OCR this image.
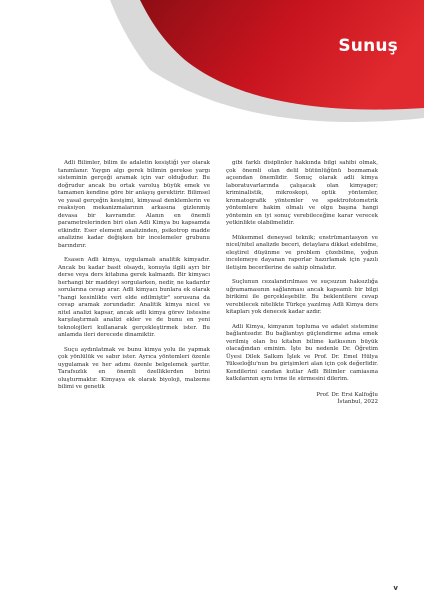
Sunuş

Adli Bilimler, bilim ile adaletin kesiştiği yer olarak tanımlanır. Yaygın algı gerek bilimin gerekse yargı sisteminin gerçeği aramak için var olduğudur. Bu doğrudur ancak bu ortak varoluş büyük emek ve tamamen kendine göre bir anlayış gerektirir. Bilimsel ve yasal gerçeğin kesişimi, kimyasal denklemlerin ve reaksiyon mekanizmalarının arkasına gizlenmiş devasa bir kavramdır. Alanın en önemli parametrelerinden biri olan Adli Kimya bu kapsamda etkindir. Eser element analizinden, psikotrop madde analizine kadar değişken bir incelemeler grubunu barındırır.

Esasen Adli kimya, uygulamalı analitik kimyadır. Ancak bu kadar basit olsaydı, konuyla ilgili ayrı bir derse veya ders kitabına gerek kalmazdı. Bir kimyacı herhangi bir maddeyi sorgularken, nedir, ne kadardır sorularına cevap arar. Adli kimyacı bunlara ek olarak "hangi kesinlikte veri elde edilmiştir" sorusuna da cevap aramak zorundadır. Analitik kimya nicel ve nitel analizi kapsar, ancak adli kimya görev listesine karşılaştırmalı analizi ekler ve de bunu en yeni teknolojileri kullanarak gerçekleştirmek ister. Bu anlamda ileri derecede dinamiktir.

Suçu aydınlatmak ve bunu kimya yolu ile yapmak çok yönlülük ve sabır ister. Ayrıca yöntemleri özenle uygulamak ve her adımı özenle belgelemek şarttır. Tarafsızlık en önemli özelliklerden birini oluşturmaktır. Kimyaya ek olarak biyoloji, malzeme bilimi ve genetik

gibi farklı disiplinler hakkında bilgi sahibi olmak, çok önemli olan delil bütünlüğünü bozmamak açısından önemlidir. Sonuç olarak adli kimya laboratuvarlarında çalışacak olan kimyager; kriminalistik, mikroskopi, optik yöntemler, kromatografik yöntemler ve spektrofotometrik yöntemlere hakim olmalı ve olgu başına hangi yöntemin en iyi sonuç verebileceğine karar verecek yetkinlikte olabilmelidir.

Mükemmel deneysel teknik; enstrümantasyon ve nicel/nitel analizde beceri, detaylara dikkat edebilme, eleştirel düşünme ve problem çözebilme, yoğun incelemeye dayanan raporlar hazırlamak için yazılı iletişim becerilerine de sahip olmalıdır.

Suçlunun cezalandırılması ve suçsuzun haksızlığa uğramamasının sağlanması ancak kapsamlı bir bilgi birikimi ile gerçekleşebilir. Bu beklentilere cevap verebilecek nitelikte Türkçe yazılmış Adli Kimya ders kitapları yok denecek kadar azdır.

Adli Kimya, kimyanın topluma ve adalet sistemine bağlantısıdır. Bu bağlantıyı güçlendirme adına emek verilmiş olan bu kitabın bilime katkısının büyük olacağından eminim. İşte bu nedenle Dr. Öğretim Üyesi Dilek Salkım İşlek ve Prof. Dr. Emel Hülya Yükseloğlu'nun bu girişimleri alan için çok değerlidir. Kendilerini candan kutlar Adli Bilimler camiasına katkılarının aynı ivme ile sürmesini dilerim.

Prof. Dr. Ersi Kalfoğlu
İstanbul, 2022
v
